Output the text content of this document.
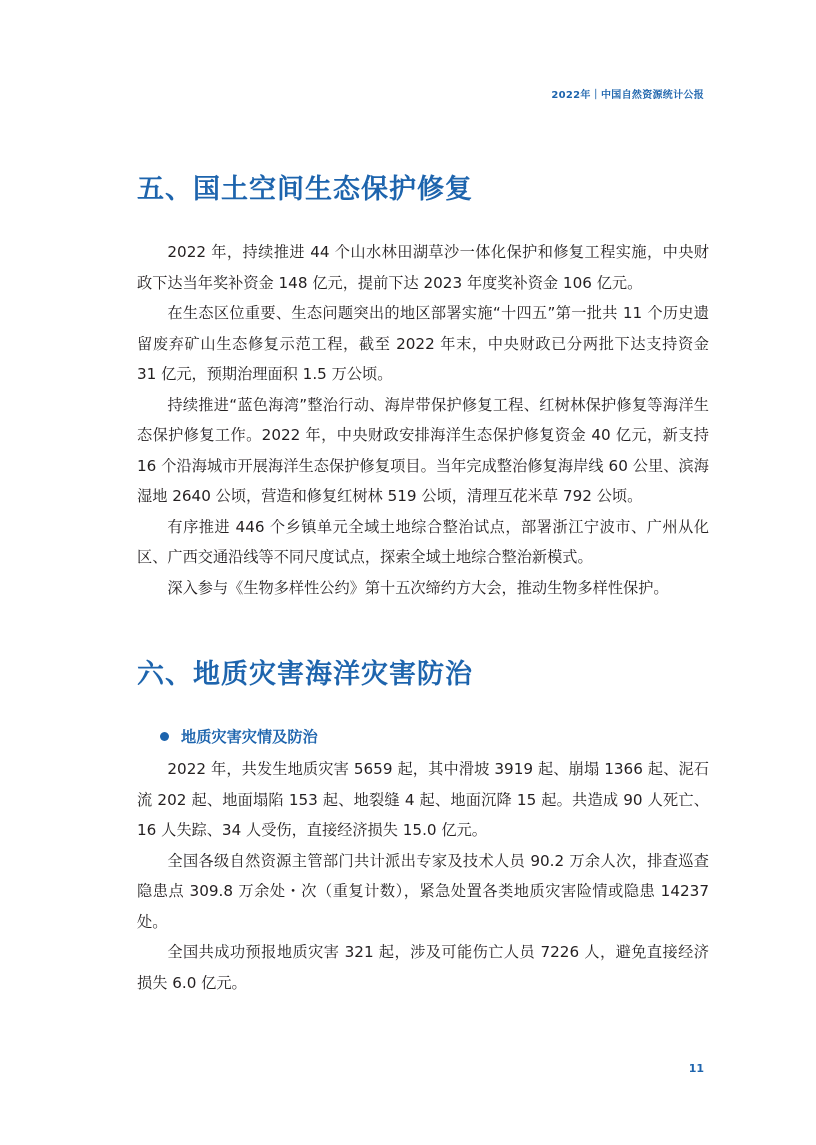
2022年｜中国自然资源统计公报
五、国土空间生态保护修复

2022 年，持续推进 44 个山水林田湖草沙一体化保护和修复工程实施，中央财政下达当年奖补资金 148 亿元，提前下达 2023 年度奖补资金 106 亿元。

在生态区位重要、生态问题突出的地区部署实施“十四五”第一批共 11 个历史遗留废弃矿山生态修复示范工程，截至 2022 年末，中央财政已分两批下达支持资金 31 亿元，预期治理面积 1.5 万公顷。

持续推进“蓝色海湾”整治行动、海岸带保护修复工程、红树林保护修复等海洋生态保护修复工作。2022 年，中央财政安排海洋生态保护修复资金 40 亿元，新支持 16 个沿海城市开展海洋生态保护修复项目。当年完成整治修复海岸线 60 公里、滨海湿地 2640 公顷，营造和修复红树林 519 公顷，清理互花米草 792 公顷。

有序推进 446 个乡镇单元全域土地综合整治试点，部署浙江宁波市、广州从化区、广西交通沿线等不同尺度试点，探索全域土地综合整治新模式。

深入参与《生物多样性公约》第十五次缔约方大会，推动生物多样性保护。

六、地质灾害海洋灾害防治
地质灾害灾情及防治

2022 年，共发生地质灾害 5659 起，其中滑坡 3919 起、崩塌 1366 起、泥石流 202 起、地面塌陷 153 起、地裂缝 4 起、地面沉降 15 起。共造成 90 人死亡、16 人失踪、34 人受伤，直接经济损失 15.0 亿元。

全国各级自然资源主管部门共计派出专家及技术人员 90.2 万余人次，排查巡查隐患点 309.8 万余处・次（重复计数），紧急处置各类地质灾害险情或隐患 14237 处。

全国共成功预报地质灾害 321 起，涉及可能伤亡人员 7226 人，避免直接经济损失 6.0 亿元。

11
